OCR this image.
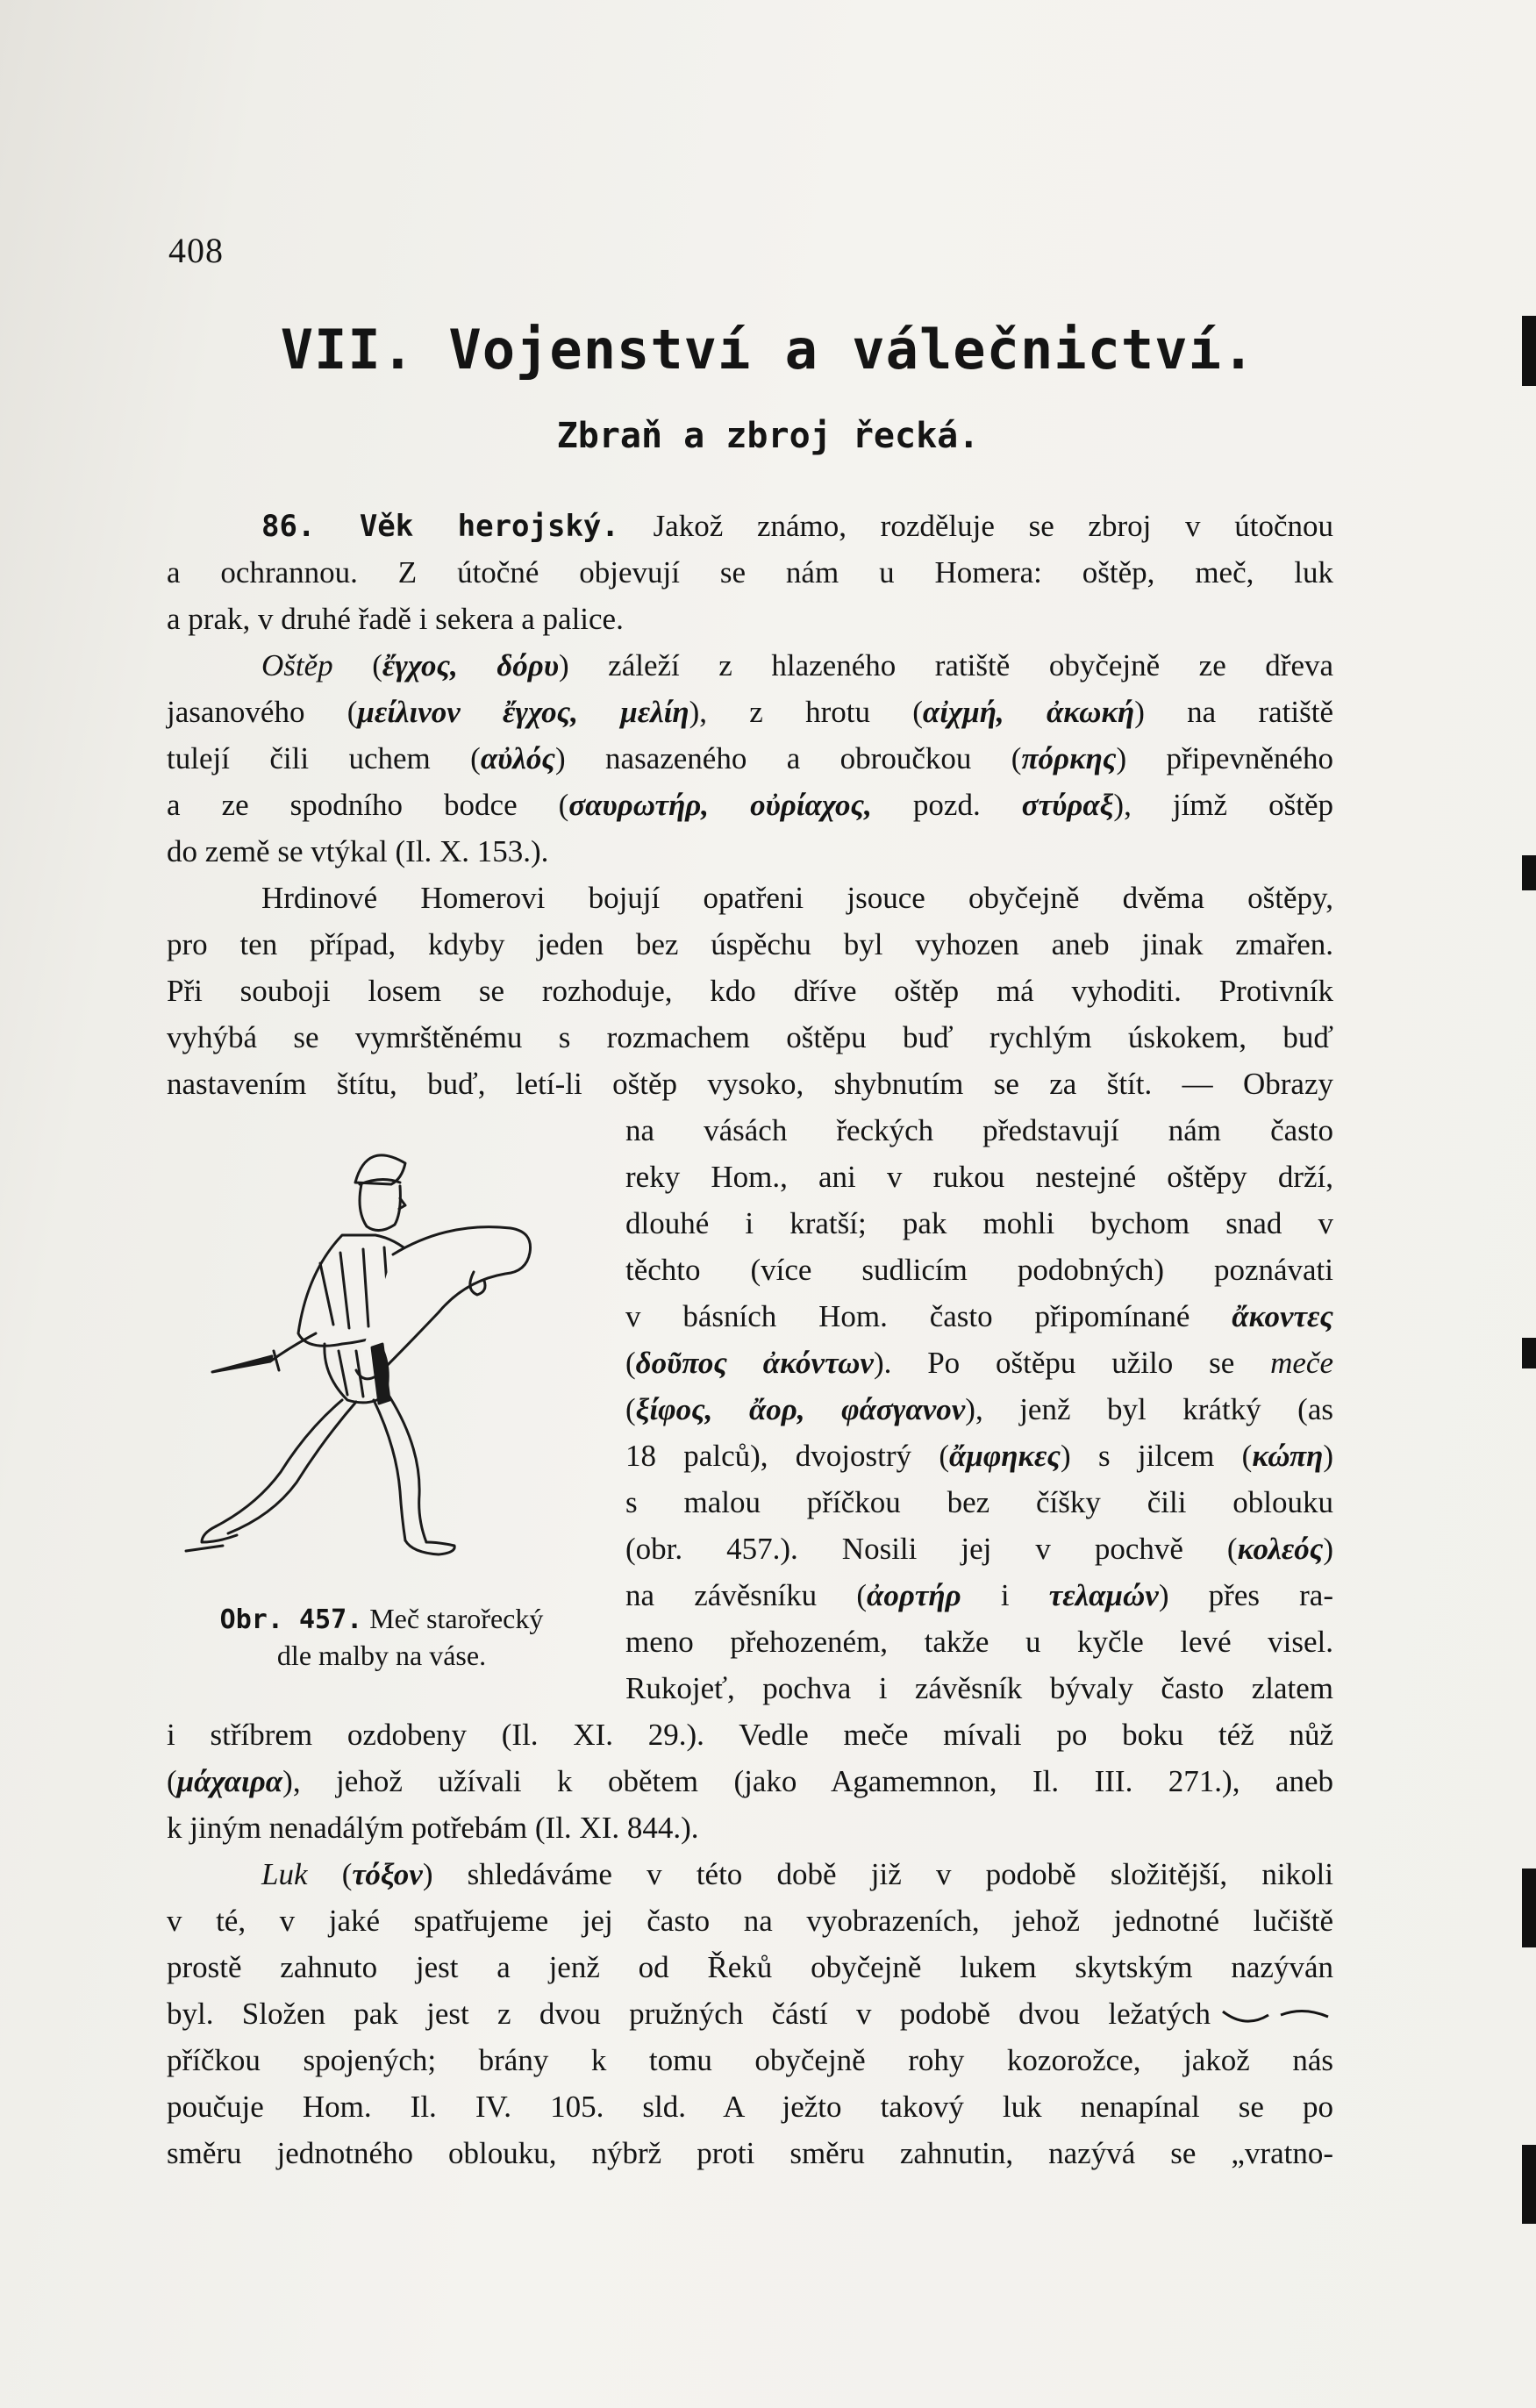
408
VII. Vojenství a válečnictví.
Zbraň a zbroj řecká.
86. Věk herojský. Jakož známo, rozděluje se zbroj v útočnou
a ochrannou. Z útočné objevují se nám u Homera: oštěp, meč, luk
a prak, v druhé řadě i sekera a palice.
Oštěp (ἔγχος, δόρυ) záleží z hlazeného ratiště obyčejně ze dřeva
jasanového (μείλινον ἔγχος, μελίη), z hrotu (αἰχμή, ἀκωκή) na ratiště
tulejí čili uchem (αὐλός) nasazeného a obroučkou (πόρκης) připevněného
a ze spodního bodce (σαυρωτήρ, οὐρίαχος, pozd. στύραξ), jímž oštěp
do země se vtýkal (Il. X. 153.).
Hrdinové Homerovi bojují opatřeni jsouce obyčejně dvěma oštěpy,
pro ten případ, kdyby jeden bez úspěchu byl vyhozen aneb jinak zmařen.
Při souboji losem se rozhoduje, kdo dříve oštěp má vyhoditi. Protivník
vyhýbá se vymrštěnému s rozmachem oštěpu buď rychlým úskokem, buď
nastavením štítu, buď, letí-li oštěp vysoko, shybnutím se za štít. — Obrazy
na vásách řeckých představují nám často
reky Hom., ani v rukou nestejné oštěpy drží,
dlouhé i kratší; pak mohli bychom snad v
těchto (více sudlicím podobných) poznávati
v básních Hom. často připomínané ἄκοντες
(δοῦπος ἀκόντων). Po oštěpu užilo se meče
(ξίφος, ἄορ, φάσγανον), jenž byl krátký (as
18 palců), dvojostrý (ἄμφηκες) s jilcem (κώπη)
s malou příčkou bez číšky čili oblouku
(obr. 457.). Nosili jej v pochvě (κολεός)
na závěsníku (ἀορτήρ i τελαμών) přes ra-
meno přehozeném, takže u kyčle levé visel.
Rukojeť, pochva i závěsník bývaly často zlatem
i stříbrem ozdobeny (Il. XI. 29.). Vedle meče mívali po boku též nůž
(μάχαιρα), jehož užívali k obětem (jako Agamemnon, Il. III. 271.), aneb
k jiným nenadálým potřebám (Il. XI. 844.).
Luk (τόξον) shledáváme v této době již v podobě složitější, nikoli
v té, v jaké spatřujeme jej často na vyobrazeních, jehož jednotné lučiště
prostě zahnuto jest a jenž od Řeků obyčejně lukem skytským nazýván
byl. Složen pak jest z dvou pružných částí v podobě dvou ležatých
příčkou spojených; brány k tomu obyčejně rohy kozorožce, jakož nás
poučuje Hom. Il. IV. 105. sld. A ježto takový luk nenapínal se po
směru jednotného oblouku, nýbrž proti směru zahnutin, nazývá se „vratno-
Obr. 457. Meč starořecký
dle malby na váse.
